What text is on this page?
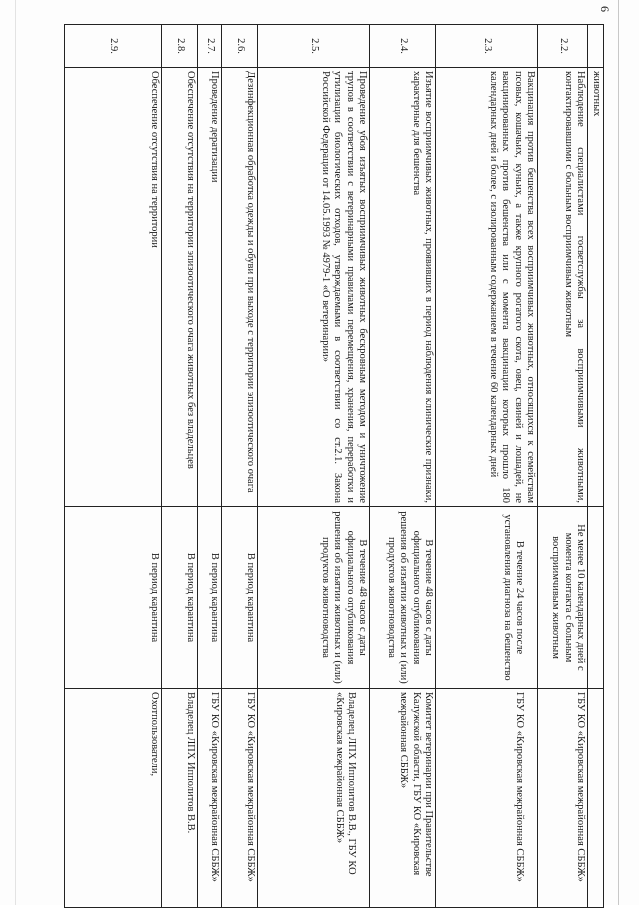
6
	животных		
2.2.	Наблюдение специалистами госветслужбы за восприимчивыми животными, контактировавшими с больным восприимчивым животным	Не менее 10 календарных дней с момента контакта с больным восприимчивым животным	ГБУ КО «Кировская межрайонная СББЖ»
2.3.	Вакцинация против бешенства всех восприимчивых животных, относящихся к семействам псовых, кошачьих, куньих, а также крупного рогатого скота, овец, свиней и лошадей, не вакцинированных против бешенства или с момента вакцинации которых прошло 180 календарных дней и более, с изолированным содержанием в течение 60 календарных дней	В течение 24 часов после установления диагноза на бешенство	ГБУ КО «Кировская межрайонная СББЖ»
2.4.	Изъятие восприимчивых животных, проявивших в период наблюдения клинические признаки, характерные для бешенства	В течение 48 часов с даты официального опубликования решения об изъятии животных и (или) продуктов животноводства	Комитет ветеринарии при Правительстве Калужской области, ГБУ КО «Кировская межрайонная СББЖ»
2.5.	Проведение убоя изъятых восприимчивых животных бескровным методом и уничтожение трупов в соответствии с ветеринарными правилами перемещения, хранения, переработки и утилизации биологических отходов, утверждаемыми в соответствии со ст.2.1. Закона Российской Федерации от 14.05.1993 № 4979-1 «О ветеринарии»	В течение 48 часов с даты официального опубликования решения об изъятии животных и (или) продуктов животноводства	Владелец ЛПХ Ипполитов В.В., ГБУ КО «Кировская межрайонная СББЖ»
2.6.	Дезинфекционная обработка одежды и обуви при выходе с территории эпизоотического очага	В период карантина	ГБУ КО «Кировская межрайонная СББЖ»
2.7.	Проведение дератизации	В период карантина	ГБУ КО «Кировская межрайонная СББЖ»
2.8.	Обеспечение отсутствия на территории эпизоотического очага животных без владельцев	В период карантина	Владелец ЛПХ Ипполитов В.В.
2.9.	Обеспечение отсутствия на территории	В период карантина	Охотпользователи,
